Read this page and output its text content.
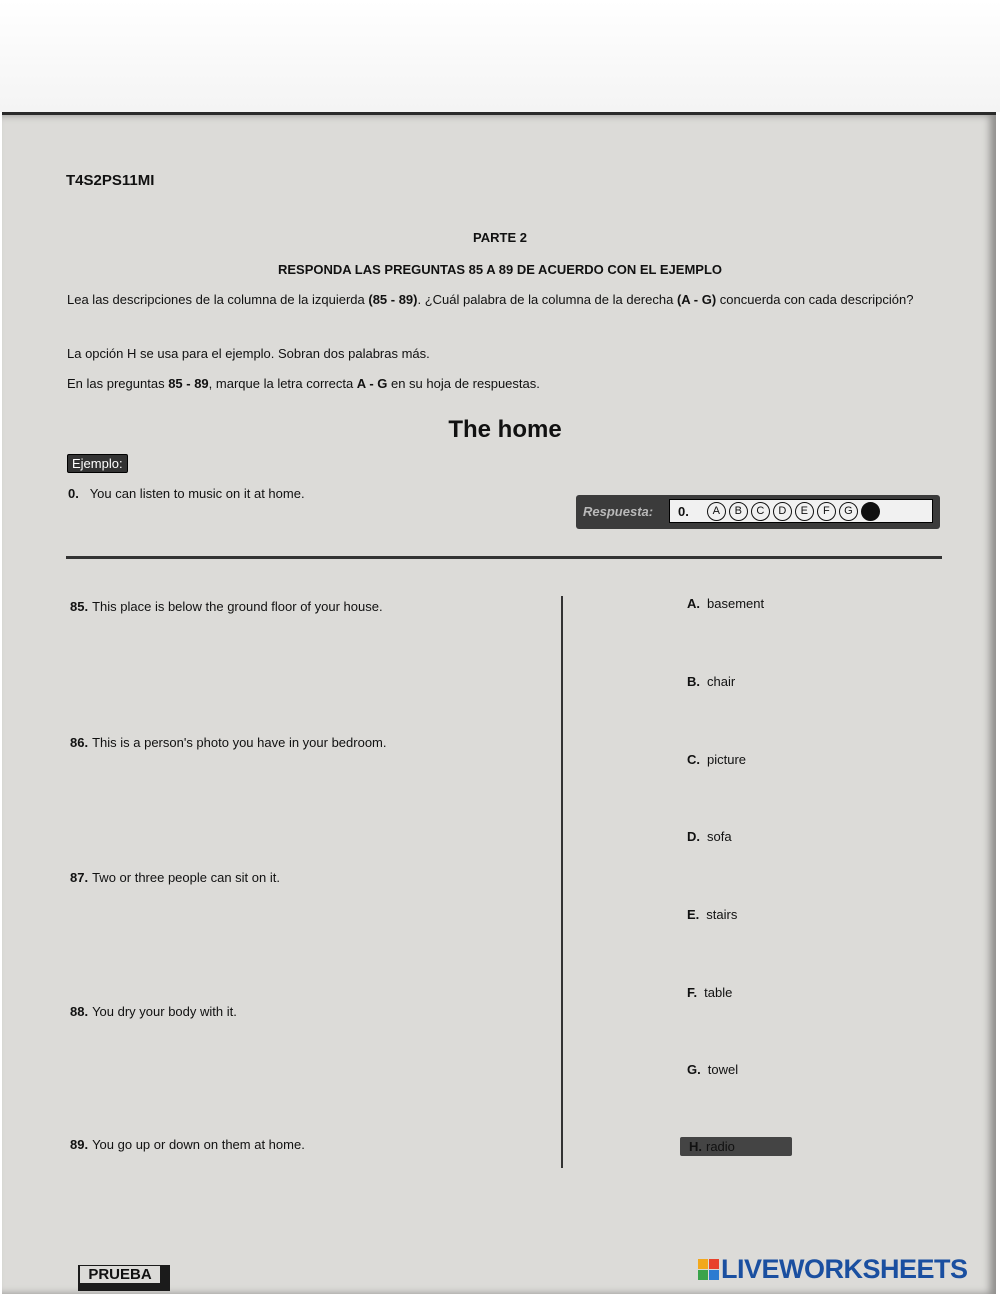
T4S2PS11MI
PARTE 2
RESPONDA LAS PREGUNTAS 85 A 89 DE ACUERDO CON EL EJEMPLO
Lea las descripciones de la columna de la izquierda (85 - 89). ¿Cuál palabra de la columna de la derecha (A - G) concuerda con cada descripción?
La opción H se usa para el ejemplo. Sobran dos palabras más.
En las preguntas 85 - 89, marque la letra correcta A - G en su hoja de respuestas.
The home
Ejemplo:
0. You can listen to music on it at home.
Respuesta: 0.	A	B	C	D	E	F	G	H
85. This place is below the ground floor of your house.
86. This is a person's photo you have in your bedroom.
87. Two or three people can sit on it.
88. You dry your body with it.
89. You go up or down on them at home.
A. basement
B. chair
C. picture
D. sofa
E. stairs
F. table
G. towel
H. radio
PRUEBA	LIVEWORKSHEETS
